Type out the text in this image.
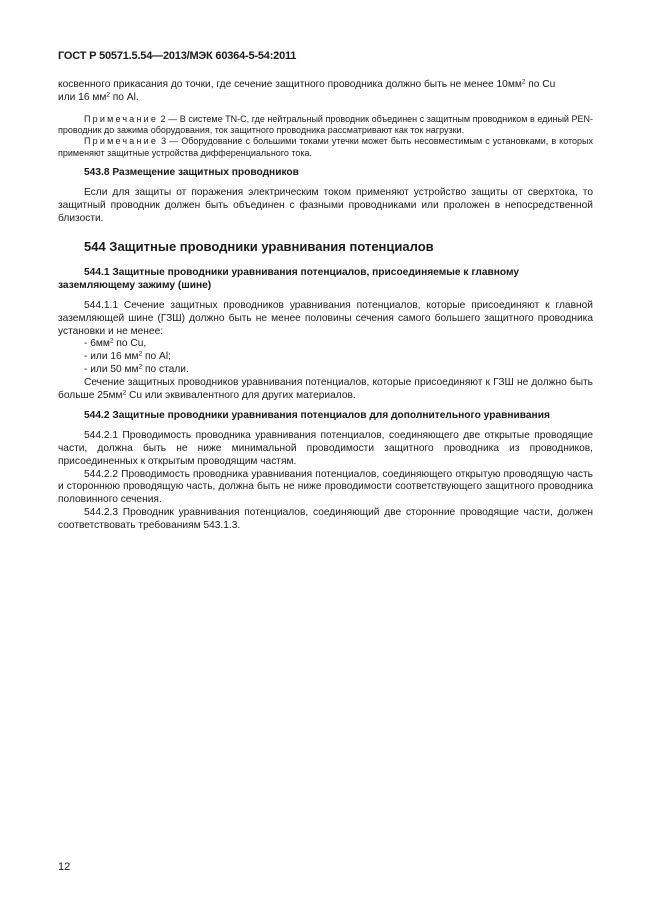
ГОСТ Р 50571.5.54—2013/МЭК 60364-5-54:2011

косвенного прикасания до точки, где сечение защитного проводника должно быть не менее $10мм^2$ по Cu
или 16 $мм^2$ по Al.

Примечание 2 — В системе TN-C, где нейтральный проводник объединен с защитным проводником в единый PEN-проводник до зажима оборудования, ток защитного проводника рассматривают как ток нагрузки.

Примечание 3 — Оборудование с большими токами утечки может быть несовместимым с установками, в которых применяют защитные устройства дифференциального тока.

543.8 Размещение защитных проводников

Если для защиты от поражения электрическим током применяют устройство защиты от сверхтока, то защитный проводник должен быть объединен с фазными проводниками или проложен в непосредственной близости.

544 Защитные проводники уравнивания потенциалов

544.1 Защитные проводники уравнивания потенциалов, присоединяемые к главному заземляющему зажиму (шине)

544.1.1 Сечение защитных проводников уравнивания потенциалов, которые присоединяют к главной заземляющей шине (ГЗШ) должно быть не менее половины сечения самого большего защитного проводника установки и не менее:

- $6мм^2$ по Cu,
- или 16 $мм^2$ по Al;
- или 50 $мм^2$ по стали.

Сечение защитных проводников уравнивания потенциалов, которые присоединяют к ГЗШ не должно быть больше $25мм^2$ Cu или эквивалентного для других материалов.

544.2 Защитные проводники уравнивания потенциалов для дополнительного уравнивания

544.2.1 Проводимость проводника уравнивания потенциалов, соединяющего две открытые проводящие части, должна быть не ниже минимальной проводимости защитного проводника из проводников, присоединенных к открытым проводящим частям.

544.2.2 Проводимость проводника уравнивания потенциалов, соединяющего открытую проводящую часть и стороннюю проводящую часть, должна быть не ниже проводимости соответствующего защитного проводника половинного сечения.

544.2.3 Проводник уравнивания потенциалов, соединяющий две сторонние проводящие части, должен соответствовать требованиям 543.1.3.

12
